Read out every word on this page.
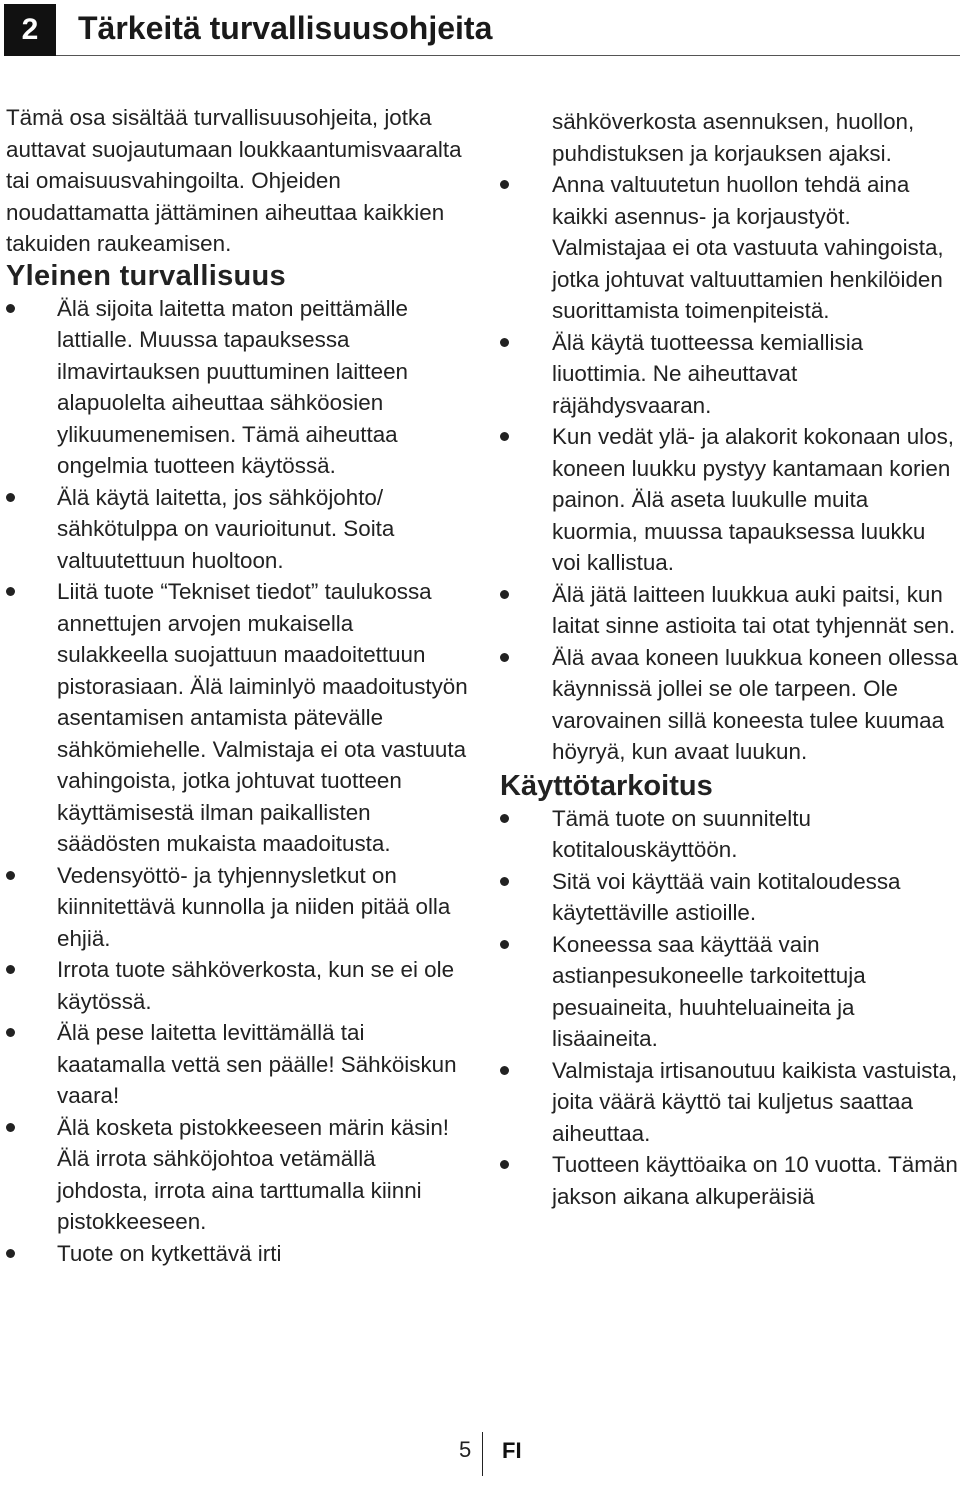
2	Tärkeitä turvallisuusohjeita

Tämä osa sisältää turvallisuusohjeita, jotka auttavat suojautumaan loukkaantumisvaaralta tai omaisuusvahingoilta. Ohjeiden noudattamatta jättäminen aiheuttaa kaikkien takuiden raukeamisen.

Yleinen turvallisuus
Älä sijoita laitetta maton peittämälle lattialle. Muussa tapauksessa ilmavirtauksen puuttuminen laitteen alapuolelta aiheuttaa sähköosien ylikuumenemisen. Tämä aiheuttaa ongelmia tuotteen käytössä.
Älä käytä laitetta, jos sähköjohto/ sähkötulppa on vaurioitunut. Soita valtuutettuun huoltoon.
Liitä tuote “Tekniset tiedot” taulukossa annettujen arvojen mukaisella sulakkeella suojattuun maadoitettuun pistorasiaan. Älä laiminlyö maadoitustyön asentamisen antamista pätevälle sähkömiehelle. Valmistaja ei ota vastuuta vahingoista, jotka johtuvat tuotteen käyttämisestä ilman paikallisten säädösten mukaista maadoitusta.
Vedensyöttö- ja tyhjennysletkut on kiinnitettävä kunnolla ja niiden pitää olla ehjiä.
Irrota tuote sähköverkosta, kun se ei ole käytössä.
Älä pese laitetta levittämällä tai kaatamalla vettä sen päälle! Sähköiskun vaara!
Älä kosketa pistokkeeseen märin käsin! Älä irrota sähköjohtoa vetämällä johdosta, irrota aina tarttumalla kiinni pistokkeeseen.
Tuote on kytkettävä irti

sähköverkosta asennuksen, huollon, puhdistuksen ja korjauksen ajaksi.

Anna valtuutetun huollon tehdä aina kaikki asennus- ja korjaustyöt. Valmistajaa ei ota vastuuta vahingoista, jotka johtuvat valtuuttamien henkilöiden suorittamista toimenpiteistä.
Älä käytä tuotteessa kemiallisia liuottimia. Ne aiheuttavat räjähdysvaaran.
Kun vedät ylä- ja alakorit kokonaan ulos, koneen luukku pystyy kantamaan korien painon. Älä aseta luukulle muita kuormia, muussa tapauksessa luukku voi kallistua.
Älä jätä laitteen luukkua auki paitsi, kun laitat sinne astioita tai otat tyhjennät sen.
Älä avaa koneen luukkua koneen ollessa käynnissä jollei se ole tarpeen. Ole varovainen sillä koneesta tulee kuumaa höyryä, kun avaat luukun.
Käyttötarkoitus
Tämä tuote on suunniteltu kotitalouskäyttöön.
Sitä voi käyttää vain kotitaloudessa käytettäville astioille.
Koneessa saa käyttää vain astianpesukoneelle tarkoitettuja pesuaineita, huuhteluaineita ja lisäaineita.
Valmistaja irtisanoutuu kaikista vastuista, joita väärä käyttö tai kuljetus saattaa aiheuttaa.
Tuotteen käyttöaika on 10 vuotta. Tämän jakson aikana alkuperäisiä
5 FI
